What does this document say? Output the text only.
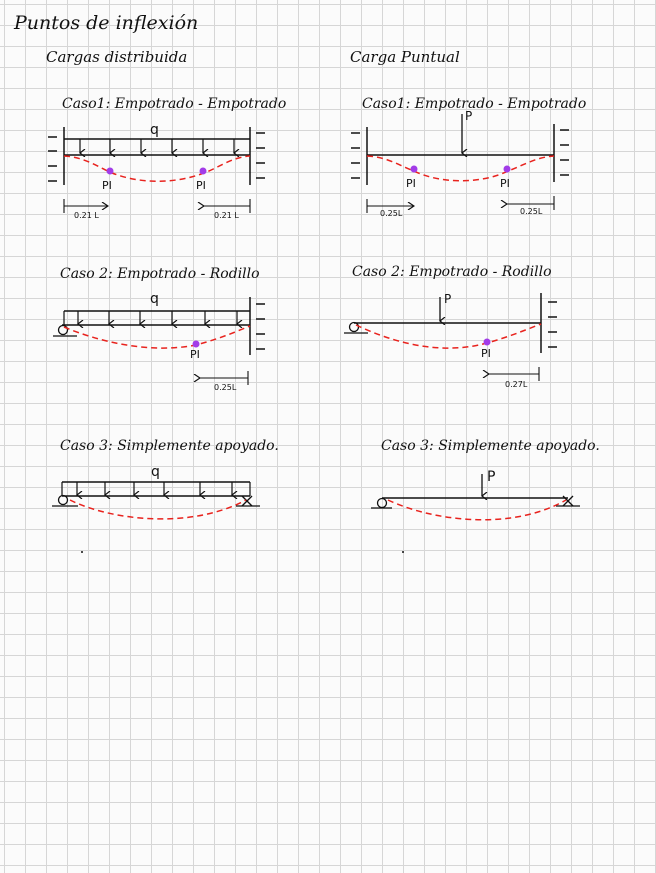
Puntos de inflexión
Cargas distribuida	Carga Puntual
Caso1: Empotrado - Empotrado	Caso1: Empotrado - Empotrado
Caso 2: Empotrado - Rodillo	Caso 2: Empotrado - Rodillo
Caso 3: Simplemente apoyado.	Caso 3: Simplemente apoyado.
q
PI	PI
0.21 L	0.21 L
P
PI	PI
0.25L	0.25L
q
PI
0.25L
P
PI
0.27L
q	P
